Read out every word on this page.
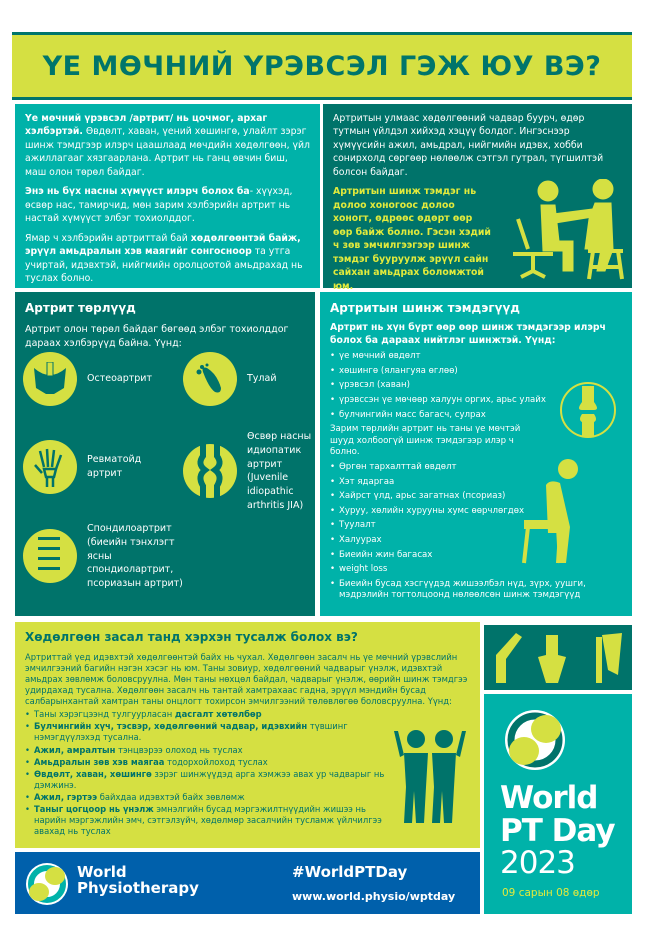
ҮЕ МӨЧНИЙ ҮРЭВСЭЛ ГЭЖ ЮУ ВЭ?

Үе мөчний үрэвсэл /артрит/ нь цочмог, архаг хэлбэртэй. Өвдөлт, хаван, үений хөшингө, улайлт зэрэг шинж тэмдгээр илэрч цаашлаад мөчдийн хөдөлгөөн, үйл ажиллагааг хязгаарлана. Артрит нь ганц өвчин биш, маш олон төрөл байдаг.

Энэ нь бүх насны хүмүүст илэрч болох ба- хүүхэд, өсвөр нас, тамирчид, мөн зарим хэлбэрийн артрит нь настай хүмүүст элбэг тохиолддог.

Ямар ч хэлбэрийн артриттай бай хөдөлгөөнтэй байж, эрүүл амьдралын хэв маягийг сонгосноор та утга учиртай, идэвхтэй, нийгмийн оролцоотой амьдрахад нь туслах болно.

Артритын улмаас хөдөлгөөний чадвар буурч, өдөр тутмын үйлдэл хийхэд хэцүү болдог. Ингэснээр хүмүүсийн ажил, амьдрал, нийгмийн идэвх, хобби сонирхолд сөргөөр нөлөөлж сэтгэл гутрал, түгшилтэй болсон байдаг.

Артритын шинж тэмдэг нь долоо хоногоос долоо хоногт, өдрөөс өдөрт өөр өөр байж болно. Гэсэн хэдий ч зөв эмчилгээгээр шинж тэмдэг бууруулж эрүүл сайн сайхан амьдрах боломжтой юм.

Артрит төрлүүд

Артрит олон төрөл байдаг бөгөөд элбэг тохиолддог дараах хэлбэрүүд байна. Үүнд:

Остеоартрит	Тулай
Ревматойд артрит
Өсвөр насны идиопатик артрит (Juvenile idiopathic arthritis JIA)
Спондилоартрит (биеийн тэнхлэгт ясны спондиолартрит, псориазын артрит)
Артритын шинж тэмдэгүүд

Артрит нь хүн бүрт өөр өөр шинж тэмдэгээр илэрч болох ба дараах нийтлэг шинжтэй. Үүнд:

• үе мөчний өвдөлт
• хөшингө (ялангуяа өглөө)
• үрэвсэл (хаван)
• үрэвссэн үе мөчөөр халуун оргих, арьс улайх
• булчингийн масс багасч, сулрах

Зарим төрлийн артрит нь таны үе мөчтэй шууд холбоогүй шинж тэмдэгээр илэр ч болно.

• Өргөн тархалттай өвдөлт
• Хэт ядаргаа
• Хайрст үлд, арьс загатнах (псориаз)
• Хуруу, хөлийн хурууны хумс өөрчлөгдөх
• Туулалт
• Халуурах
• Биеийн жин багасах
• weight loss
• Биеийн бусад хэсгүүдэд жишээлбэл нүд, зүрх, уушги, мэдрэлийн тогтолцоонд нөлөөлсөн шинж тэмдэгүүд
Хөдөлгөөн засал танд хэрхэн тусалж болох вэ?

Артриттай үед идэвхтэй хөдөлгөөнтэй байх нь чухал. Хөдөлгөөн засалч нь үе мөчний үрэвслийн эмчилгээний багийн нэгэн хэсэг нь юм. Таны зовиур, хөдөлгөөний чадварыг үнэлж, идэвхтэй амьдрах зөвлөмж боловсруулна. Мөн таны нөхцөл байдал, чадварыг үнэлж, өөрийн шинж тэмдгээ удирдахад тусална. Хөдөлгөөн засалч нь тантай хамтрахаас гадна, эрүүл мэндийн бусад салбарынхантай хамтран таны онцлогт тохирсон эмчилгээний төлөвлөгөө боловсруулна. Үүнд:

• Таны хэрэгцээнд тулгуурласан дасгалт хөтөлбөр
• Булчингийн хүч, тэсвэр, хөдөлгөөний чадвар, идэвхийн түвшинг нэмэгдүүлэхэд тусална.
• Ажил, амралтын тэнцвэрээ олоход нь туслах
• Амьдралын зөв хэв маягаа тодорхойлоход туслах
• Өвдөлт, хаван, хөшингө зэрэг шинжүүдэд арга хэмжээ авах ур чадварыг нь дэмжинэ.
• Ажил, гэртээ байхдаа идэвхтэй байх зөвлөмж
• Таныг цогцоор нь үнэлж эмнэлгийн бусад мэргэжилтнүүдийн жишээ нь нарийн мэргэжлийн эмч, сэтгэлзүйч, хөдөлмөр засалчийн тусламж үйлчилгээ авахад нь туслах
World
PT Day
2023
09 сарын 08 өдөр
World
Physiotherapy
#WorldPTDay
www.world.physio/wptday
